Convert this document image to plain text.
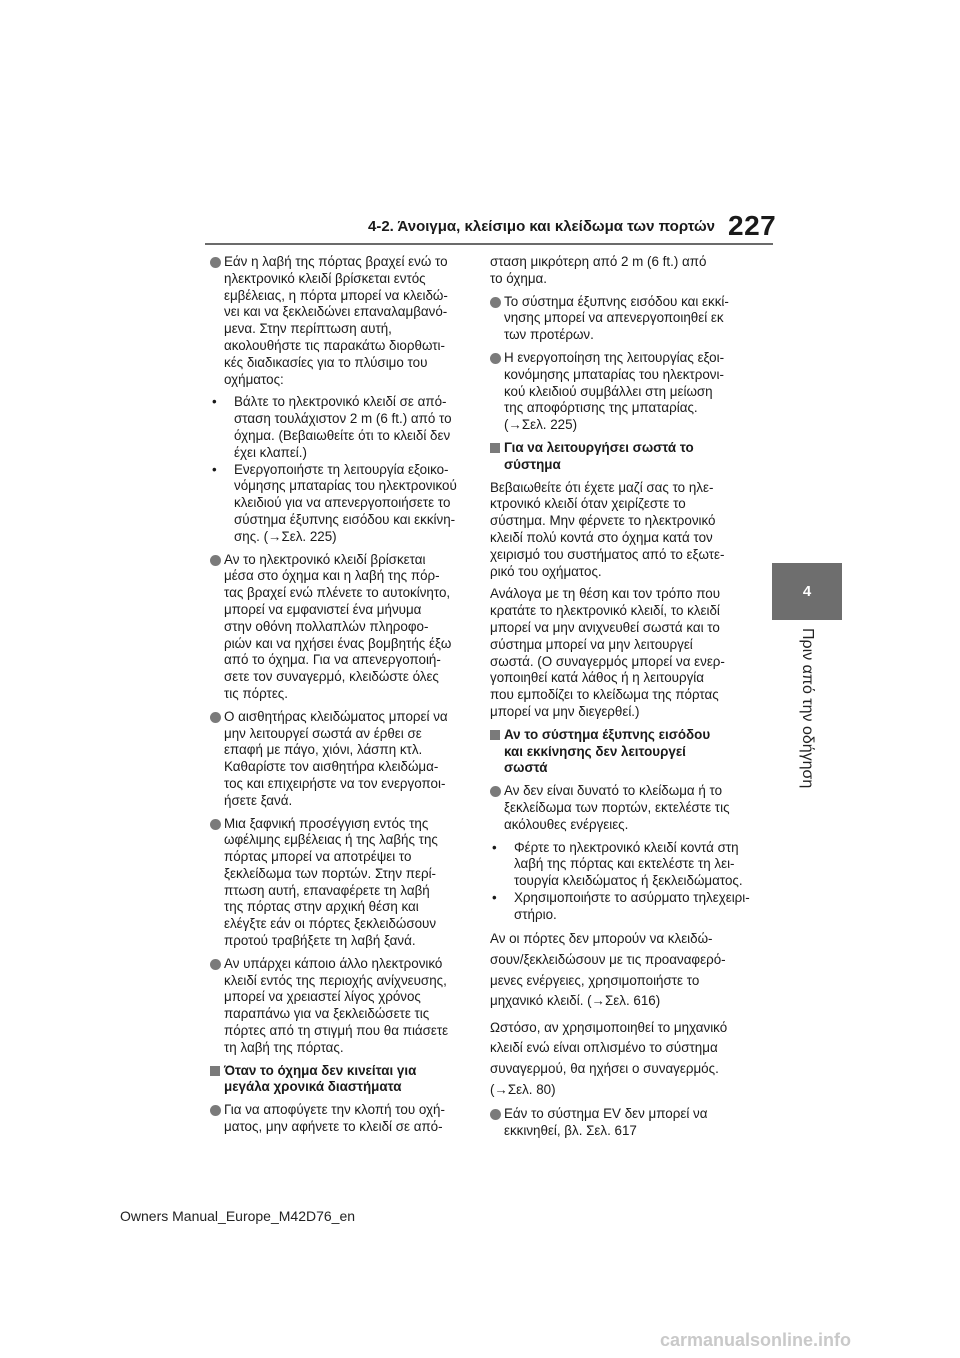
4-2. Άνοιγμα, κλείσιμο και κλείδωμα των πορτών 227
4
Πριν από την οδήγηση
Εάν η λαβή της πόρτας βραχεί ενώ το
ηλεκτρονικό κλειδί βρίσκεται εντός
εμβέλειας, η πόρτα μπορεί να κλειδώ-
νει και να ξεκλειδώνει επαναλαμβανό-
μενα. Στην περίπτωση αυτή,
ακολουθήστε τις παρακάτω διορθωτι-
κές διαδικασίες για το πλύσιμο του
οχήματος:
• Βάλτε το ηλεκτρονικό κλειδί σε από-
σταση τουλάχιστον 2 m (6 ft.) από το
όχημα. (Βεβαιωθείτε ότι το κλειδί δεν
έχει κλαπεί.)
• Ενεργοποιήστε τη λειτουργία εξοικο-
νόμησης μπαταρίας του ηλεκτρονικού
κλειδιού για να απενεργοποιήσετε το
σύστημα έξυπνης εισόδου και εκκίνη-
σης. (→Σελ. 225)
Αν το ηλεκτρονικό κλειδί βρίσκεται
μέσα στο όχημα και η λαβή της πόρ-
τας βραχεί ενώ πλένετε το αυτοκίνητο,
μπορεί να εμφανιστεί ένα μήνυμα
στην οθόνη πολλαπλών πληροφο-
ριών και να ηχήσει ένας βομβητής έξω
από το όχημα. Για να απενεργοποιή-
σετε τον συναγερμό, κλειδώστε όλες
τις πόρτες.
Ο αισθητήρας κλειδώματος μπορεί να
μην λειτουργεί σωστά αν έρθει σε
επαφή με πάγο, χιόνι, λάσπη κτλ.
Καθαρίστε τον αισθητήρα κλειδώμα-
τος και επιχειρήστε να τον ενεργοποι-
ήσετε ξανά.
Μια ξαφνική προσέγγιση εντός της
ωφέλιμης εμβέλειας ή της λαβής της
πόρτας μπορεί να αποτρέψει το
ξεκλείδωμα των πορτών. Στην περί-
πτωση αυτή, επαναφέρετε τη λαβή
της πόρτας στην αρχική θέση και
ελέγξτε εάν οι πόρτες ξεκλειδώσουν
προτού τραβήξετε τη λαβή ξανά.
Αν υπάρχει κάποιο άλλο ηλεκτρονικό
κλειδί εντός της περιοχής ανίχνευσης,
μπορεί να χρειαστεί λίγος χρόνος
παραπάνω για να ξεκλειδώσετε τις
πόρτες από τη στιγμή που θα πιάσετε
τη λαβή της πόρτας.
Όταν το όχημα δεν κινείται για
μεγάλα χρονικά διαστήματα
Για να αποφύγετε την κλοπή του οχή-
ματος, μην αφήνετε το κλειδί σε από-
σταση μικρότερη από 2 m (6 ft.) από
το όχημα.
Το σύστημα έξυπνης εισόδου και εκκί-
νησης μπορεί να απενεργοποιηθεί εκ
των προτέρων.
Η ενεργοποίηση της λειτουργίας εξοι-
κονόμησης μπαταρίας του ηλεκτρονι-
κού κλειδιού συμβάλλει στη μείωση
της αποφόρτισης της μπαταρίας.
(→Σελ. 225)
Για να λειτουργήσει σωστά το
σύστημα
Βεβαιωθείτε ότι έχετε μαζί σας το ηλε-
κτρονικό κλειδί όταν χειρίζεστε το
σύστημα. Μην φέρνετε το ηλεκτρονικό
κλειδί πολύ κοντά στο όχημα κατά τον
χειρισμό του συστήματος από το εξωτε-
ρικό του οχήματος.
Ανάλογα με τη θέση και τον τρόπο που
κρατάτε το ηλεκτρονικό κλειδί, το κλειδί
μπορεί να μην ανιχνευθεί σωστά και το
σύστημα μπορεί να μην λειτουργεί
σωστά. (Ο συναγερμός μπορεί να ενερ-
γοποιηθεί κατά λάθος ή η λειτουργία
που εμποδίζει το κλείδωμα της πόρτας
μπορεί να μην διεγερθεί.)
Αν το σύστημα έξυπνης εισόδου
και εκκίνησης δεν λειτουργεί
σωστά
Αν δεν είναι δυνατό το κλείδωμα ή το
ξεκλείδωμα των πορτών, εκτελέστε τις
ακόλουθες ενέργειες.
• Φέρτε το ηλεκτρονικό κλειδί κοντά στη
λαβή της πόρτας και εκτελέστε τη λει-
τουργία κλειδώματος ή ξεκλειδώματος.
• Χρησιμοποιήστε το ασύρματο τηλεχειρι-
στήριο.
Αν οι πόρτες δεν μπορούν να κλειδώ-
σουν/ξεκλειδώσουν με τις προαναφερό-
μενες ενέργειες, χρησιμοποιήστε το
μηχανικό κλειδί. (→Σελ. 616)
Ωστόσο, αν χρησιμοποιηθεί το μηχανικό
κλειδί ενώ είναι οπλισμένο το σύστημα
συναγερμού, θα ηχήσει ο συναγερμός.
(→Σελ. 80)
Εάν το σύστημα EV δεν μπορεί να
εκκινηθεί, βλ. Σελ. 617
Owners Manual_Europe_M42D76_en
carmanualsonline.info
